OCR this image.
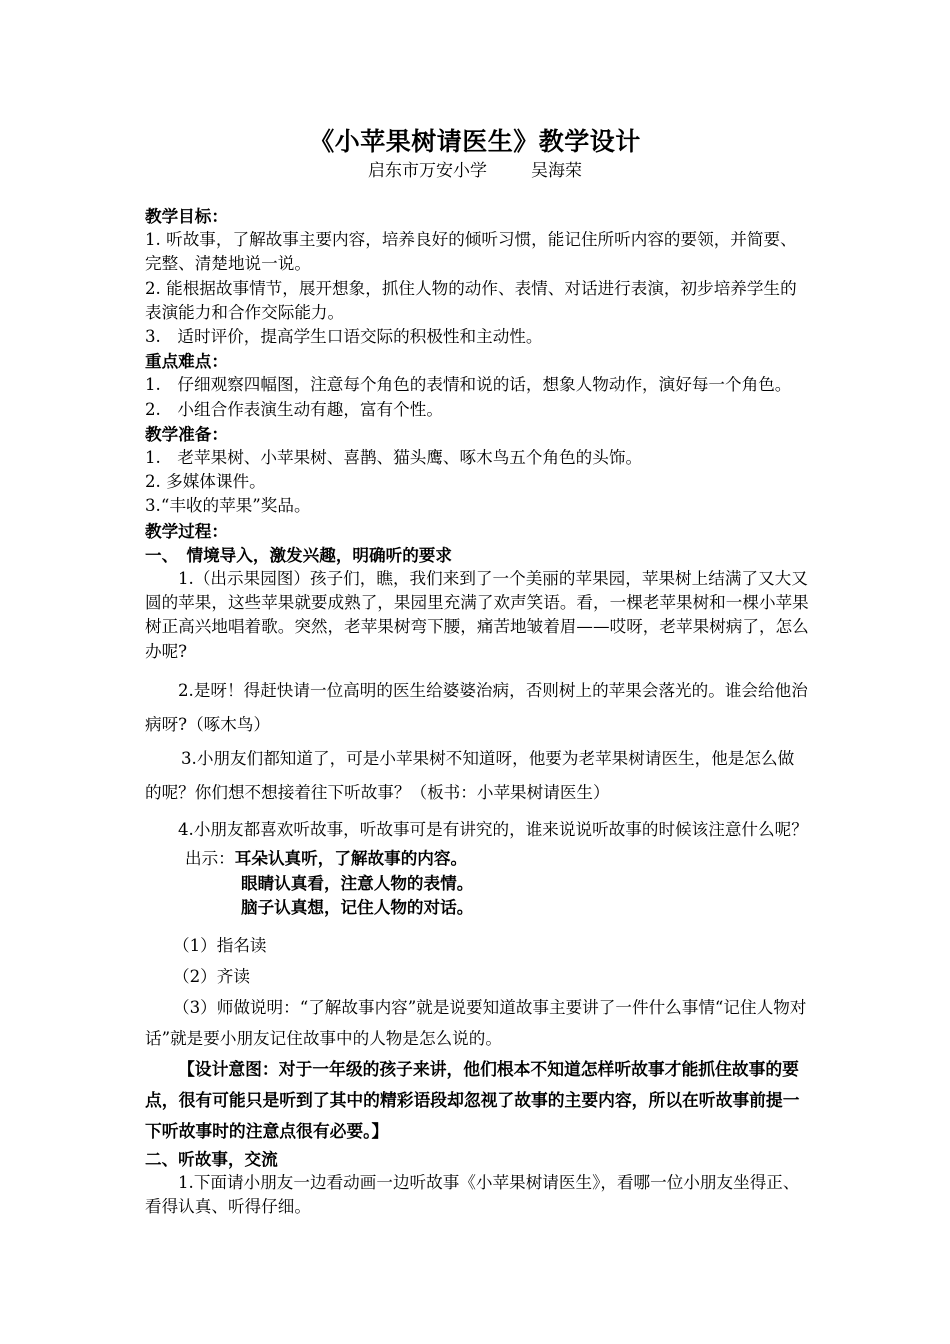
《小苹果树请医生》教学设计
启东市万安小学	吴海荣

教学目标：

1. 听故事，了解故事主要内容，培养良好的倾听习惯，能记住所听内容的要领，并简要、完整、清楚地说一说。

2. 能根据故事情节，展开想象，抓住人物的动作、表情、对话进行表演，初步培养学生的表演能力和合作交际能力。

3.　适时评价，提高学生口语交际的积极性和主动性。

重点难点：

1.　仔细观察四幅图，注意每个角色的表情和说的话，想象人物动作，演好每一个角色。

2.　小组合作表演生动有趣，富有个性。

教学准备：

1.　老苹果树、小苹果树、喜鹊、猫头鹰、啄木鸟五个角色的头饰。

2. 多媒体课件。

3.“丰收的苹果”奖品。

教学过程：

一、　情境导入，激发兴趣，明确听的要求

1.（出示果园图）孩子们，瞧，我们来到了一个美丽的苹果园，苹果树上结满了又大又圆的苹果，这些苹果就要成熟了，果园里充满了欢声笑语。看，一棵老苹果树和一棵小苹果树正高兴地唱着歌。突然，老苹果树弯下腰，痛苦地皱着眉——哎呀，老苹果树病了，怎么办呢?

2.是呀！得赶快请一位高明的医生给婆婆治病，否则树上的苹果会落光的。谁会给他治病呀?（啄木鸟）

3.小朋友们都知道了，可是小苹果树不知道呀，他要为老苹果树请医生，他是怎么做的呢？你们想不想接着往下听故事？（板书：小苹果树请医生）

4.小朋友都喜欢听故事，听故事可是有讲究的，谁来说说听故事的时候该注意什么呢？

出示：耳朵认真听，了解故事的内容。
眼睛认真看，注意人物的表情。
脑子认真想，记住人物的对话。

（1）指名读

（2）齐读

（3）师做说明：“了解故事内容”就是说要知道故事主要讲了一件什么事情“记住人物对话”就是要小朋友记住故事中的人物是怎么说的。

【设计意图：对于一年级的孩子来讲，他们根本不知道怎样听故事才能抓住故事的要点，很有可能只是听到了其中的精彩语段却忽视了故事的主要内容，所以在听故事前提一下听故事时的注意点很有必要。】

二、听故事，交流

1.下面请小朋友一边看动画一边听故事《小苹果树请医生》，看哪一位小朋友坐得正、看得认真、听得仔细。
